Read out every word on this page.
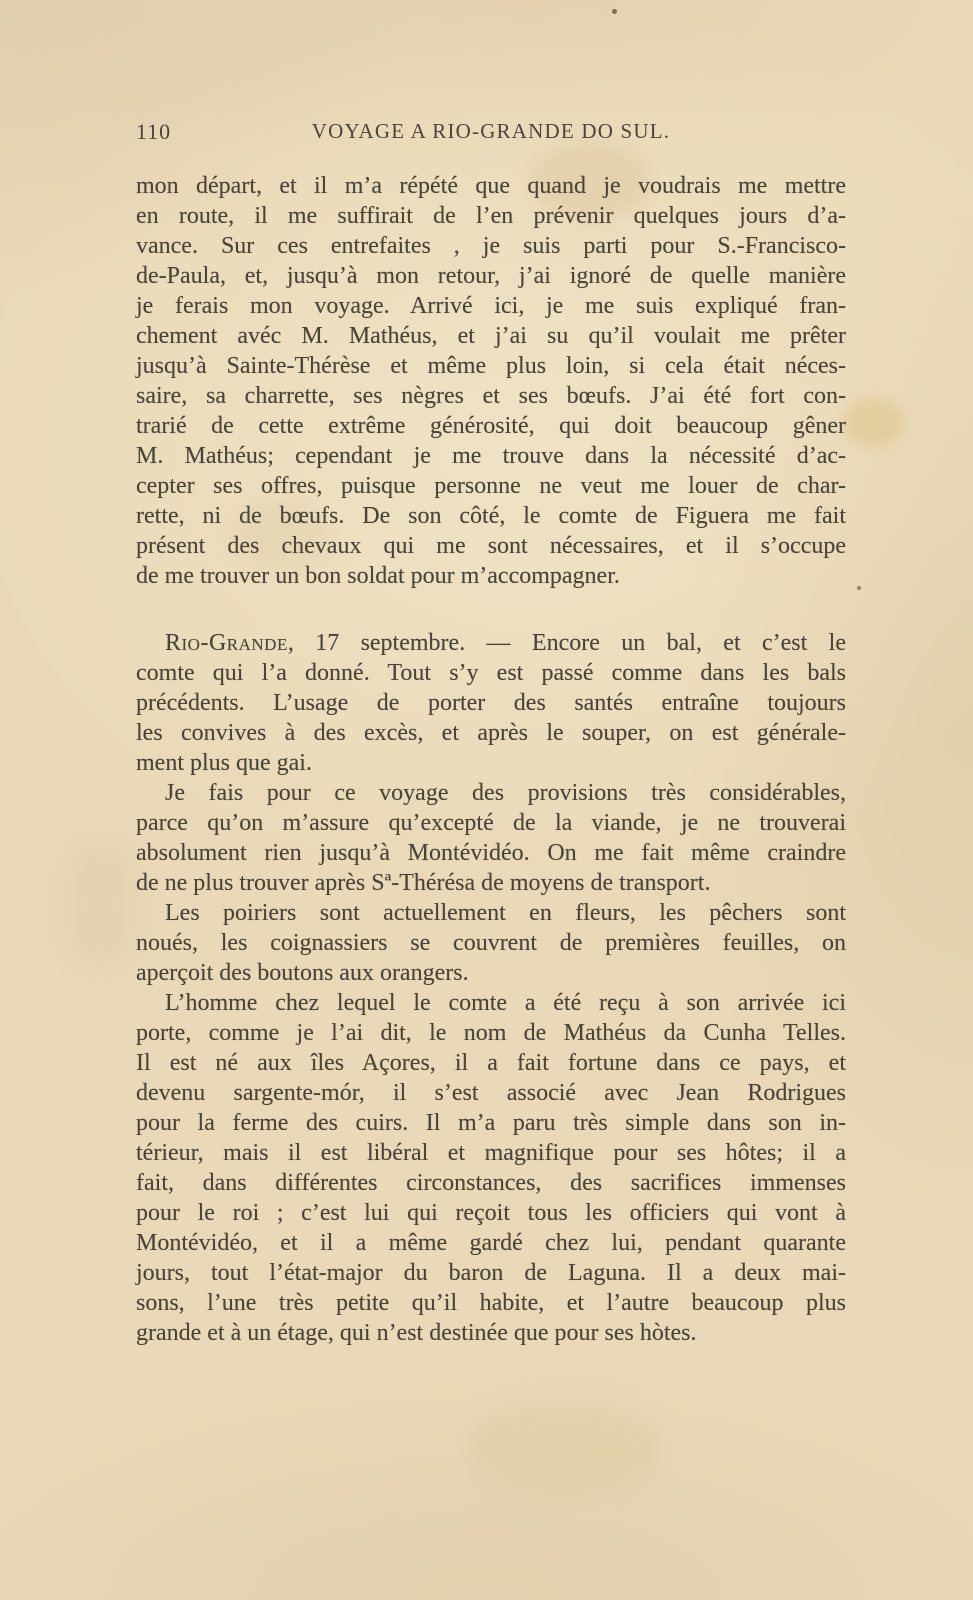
110	VOYAGE A RIO-GRANDE DO SUL.
mon départ, et il m’a répété que quand je voudrais me mettre
en route, il me suffirait de l’en prévenir quelques jours d’a-
vance. Sur ces entrefaites , je suis parti pour S.-Francisco-
de-Paula, et, jusqu’à mon retour, j’ai ignoré de quelle manière
je ferais mon voyage. Arrivé ici, je me suis expliqué fran-
chement avéc M. Mathéus, et j’ai su qu’il voulait me prêter
jusqu’à Sainte-Thérèse et même plus loin, si cela était néces-
saire, sa charrette, ses nègres et ses bœufs. J’ai été fort con-
trarié de cette extrême générosité, qui doit beaucoup gêner
M. Mathéus; cependant je me trouve dans la nécessité d’ac-
cepter ses offres, puisque personne ne veut me louer de char-
rette, ni de bœufs. De son côté, le comte de Figuera me fait
présent des chevaux qui me sont nécessaires, et il s’occupe
de me trouver un bon soldat pour m’accompagner.
Rio-Grande, 17 septembre. — Encore un bal, et c’est le
comte qui l’a donné. Tout s’y est passé comme dans les bals
précédents. L’usage de porter des santés entraîne toujours
les convives à des excès, et après le souper, on est générale-
ment plus que gai.
Je fais pour ce voyage des provisions très considérables,
parce qu’on m’assure qu’excepté de la viande, je ne trouverai
absolument rien jusqu’à Montévidéo. On me fait même craindre
de ne plus trouver après Sª-Thérésa de moyens de transport.
Les poiriers sont actuellement en fleurs, les pêchers sont
noués, les coignassiers se couvrent de premières feuilles, on
aperçoit des boutons aux orangers.
L’homme chez lequel le comte a été reçu à son arrivée ici
porte, comme je l’ai dit, le nom de Mathéus da Cunha Telles.
Il est né aux îles Açores, il a fait fortune dans ce pays, et
devenu sargente-mór, il s’est associé avec Jean Rodrigues
pour la ferme des cuirs. Il m’a paru très simple dans son in-
térieur, mais il est libéral et magnifique pour ses hôtes; il a
fait, dans différentes circonstances, des sacrifices immenses
pour le roi ; c’est lui qui reçoit tous les officiers qui vont à
Montévidéo, et il a même gardé chez lui, pendant quarante
jours, tout l’état-major du baron de Laguna. Il a deux mai-
sons, l’une très petite qu’il habite, et l’autre beaucoup plus
grande et à un étage, qui n’est destinée que pour ses hòtes.
